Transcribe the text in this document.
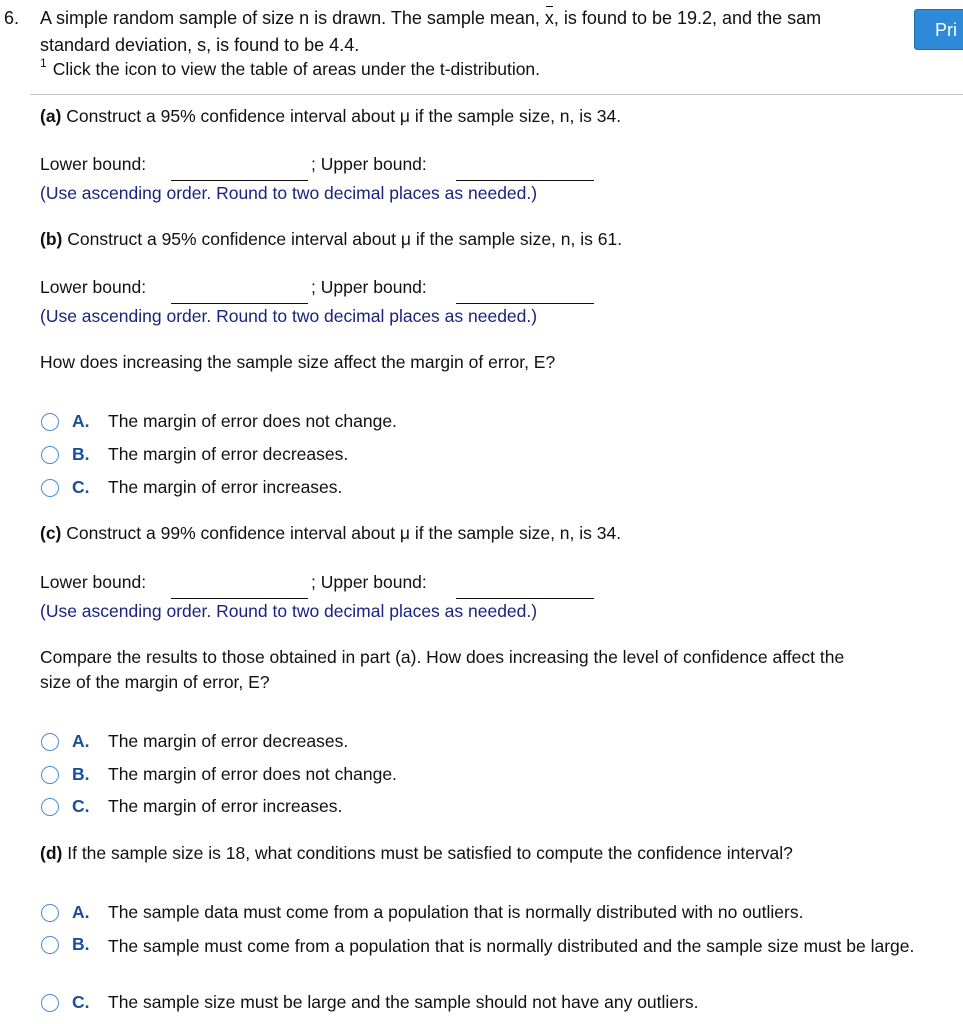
6. A simple random sample of size n is drawn. The sample mean, x, is found to be 19.2, and the sam
standard deviation, s, is found to be 4.4.
$^1$ Click the icon to view the table of areas under the t-distribution.
Pri
(a) Construct a 95% confidence interval about μ if the sample size, n, is 34.
Lower bound:	; Upper bound:
(Use ascending order. Round to two decimal places as needed.)
(b) Construct a 95% confidence interval about μ if the sample size, n, is 61.
Lower bound:	; Upper bound:
(Use ascending order. Round to two decimal places as needed.)
How does increasing the sample size affect the margin of error, E?
A. The margin of error does not change.
B. The margin of error decreases.
C. The margin of error increases.
(c) Construct a 99% confidence interval about μ if the sample size, n, is 34.
Lower bound:	; Upper bound:
(Use ascending order. Round to two decimal places as needed.)
Compare the results to those obtained in part (a). How does increasing the level of confidence affect the
size of the margin of error, E?
A. The margin of error decreases.
B. The margin of error does not change.
C. The margin of error increases.
(d) If the sample size is 18, what conditions must be satisfied to compute the confidence interval?
A. The sample data must come from a population that is normally distributed with no outliers.
B. The sample must come from a population that is normally distributed and the sample size must be large.
C. The sample size must be large and the sample should not have any outliers.
